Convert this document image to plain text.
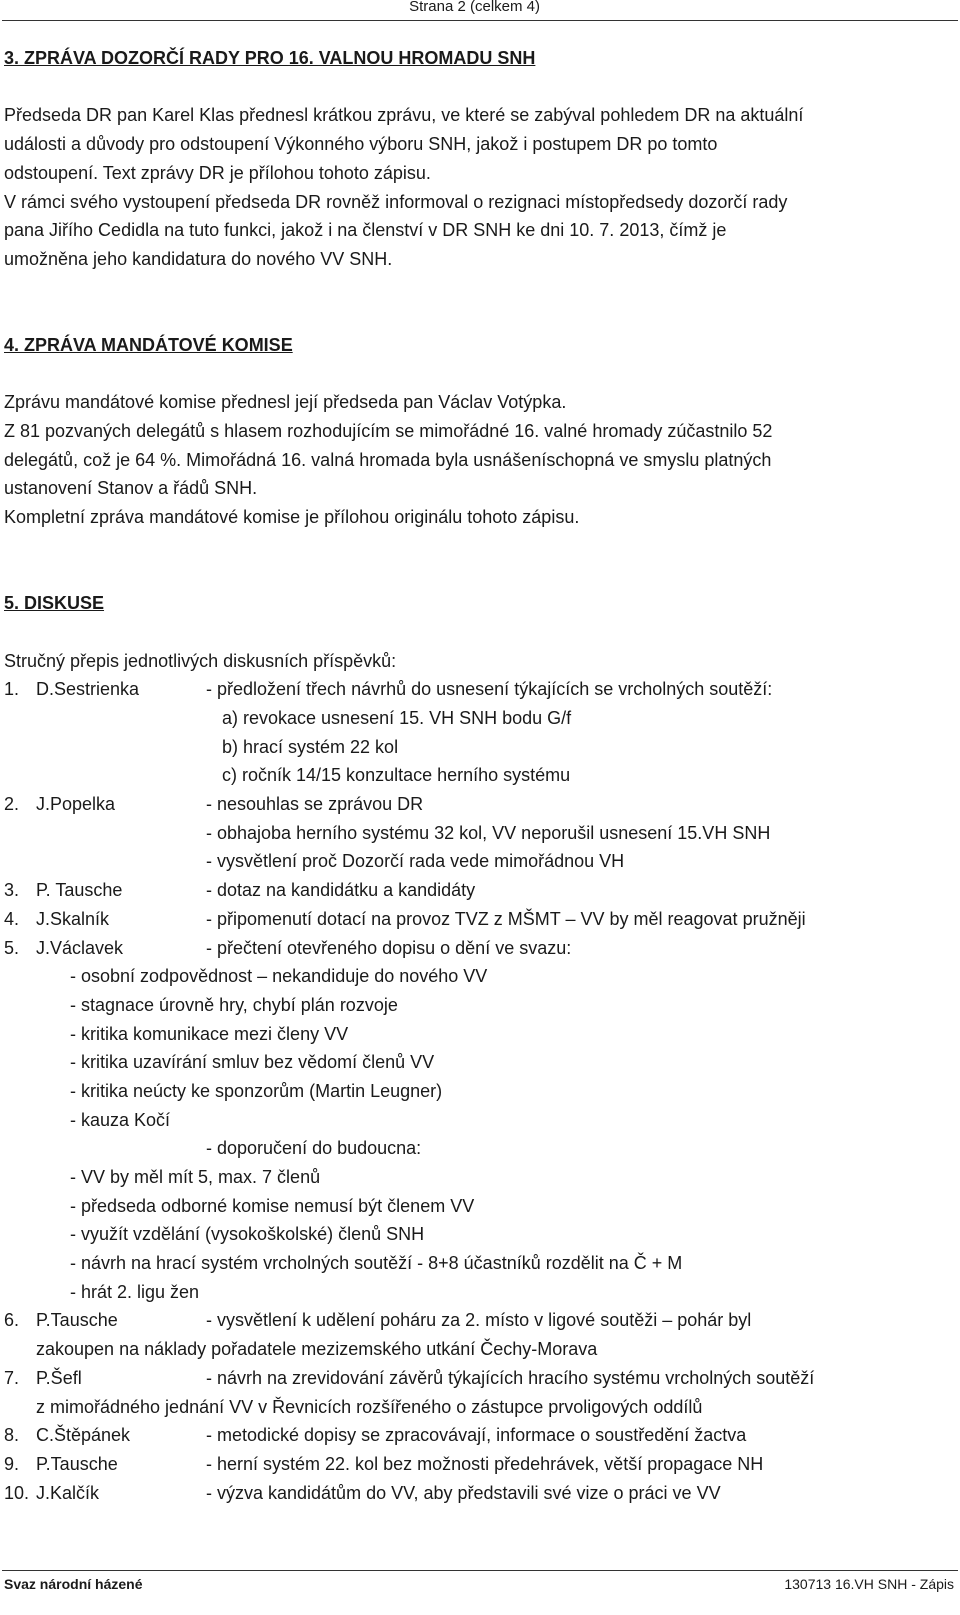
Strana 2 (celkem 4)

3. ZPRÁVA DOZORČÍ RADY PRO 16. VALNOU HROMADU SNH

Předseda DR pan Karel Klas přednesl krátkou zprávu, ve které se zabýval pohledem DR na aktuální

události a důvody pro odstoupení Výkonného výboru SNH, jakož i postupem DR po tomto

odstoupení. Text zprávy DR je přílohou tohoto zápisu.

V rámci svého vystoupení předseda DR rovněž informoval o rezignaci místopředsedy dozorčí rady

pana Jiřího Cedidla na tuto funkci, jakož i na členství v DR SNH ke dni 10. 7. 2013, čímž je

umožněna jeho kandidatura do nového VV SNH.

4. ZPRÁVA MANDÁTOVÉ KOMISE

Zprávu mandátové komise přednesl její předseda pan Václav Votýpka.

Z 81 pozvaných delegátů s hlasem rozhodujícím se mimořádné 16. valné hromady zúčastnilo 52

delegátů, což je 64 %. Mimořádná 16. valná hromada byla usnášeníschopná ve smyslu platných

ustanovení Stanov a řádů SNH.

Kompletní zpráva mandátové komise je přílohou originálu tohoto zápisu.

5. DISKUSE

Stručný přepis jednotlivých diskusních příspěvků:

1. D.Sestrienka	- předložení třech návrhů do usnesení týkajících se vrcholných soutěží:
a) revokace usnesení 15. VH SNH bodu G/f
b) hrací systém 22 kol
c) ročník 14/15 konzultace herního systému
2. J.Popelka	- nesouhlas se zprávou DR
- obhajoba herního systému 32 kol, VV neporušil usnesení 15.VH SNH
- vysvětlení proč Dozorčí rada vede mimořádnou VH
3. P. Tausche	- dotaz na kandidátku a kandidáty
4. J.Skalník	- připomenutí dotací na provoz TVZ z MŠMT – VV by měl reagovat pružněji
5. J.Václavek	- přečtení otevřeného dopisu o dění ve svazu:
- osobní zodpovědnost – nekandiduje do nového VV
- stagnace úrovně hry, chybí plán rozvoje
- kritika komunikace mezi členy VV
- kritika uzavírání smluv bez vědomí členů VV
- kritika neúcty ke sponzorům (Martin Leugner)
- kauza Kočí
- doporučení do budoucna:
- VV by měl mít 5, max. 7 členů
- předseda odborné komise nemusí být členem VV
- využít vzdělání (vysokoškolské) členů SNH
- návrh na hrací systém vrcholných soutěží - 8+8 účastníků rozdělit na Č + M
- hrát 2. ligu žen
6. P.Tausche	- vysvětlení k udělení poháru za 2. místo v ligové soutěži – pohár byl
zakoupen na náklady pořadatele mezizemského utkání Čechy-Morava
7. P.Šefl	- návrh na zrevidování závěrů týkajících hracího systému vrcholných soutěží
z mimořádného jednání VV v Řevnicích rozšířeného o zástupce prvoligových oddílů
8. C.Štěpánek	- metodické dopisy se zpracovávají, informace o soustředění žactva
9. P.Tausche	- herní systém 22. kol bez možnosti předehrávek, větší propagace NH
10. J.Kalčík	- výzva kandidátům do VV, aby představili své vize o práci ve VV
Svaz národní házené	130713 16.VH SNH - Zápis
